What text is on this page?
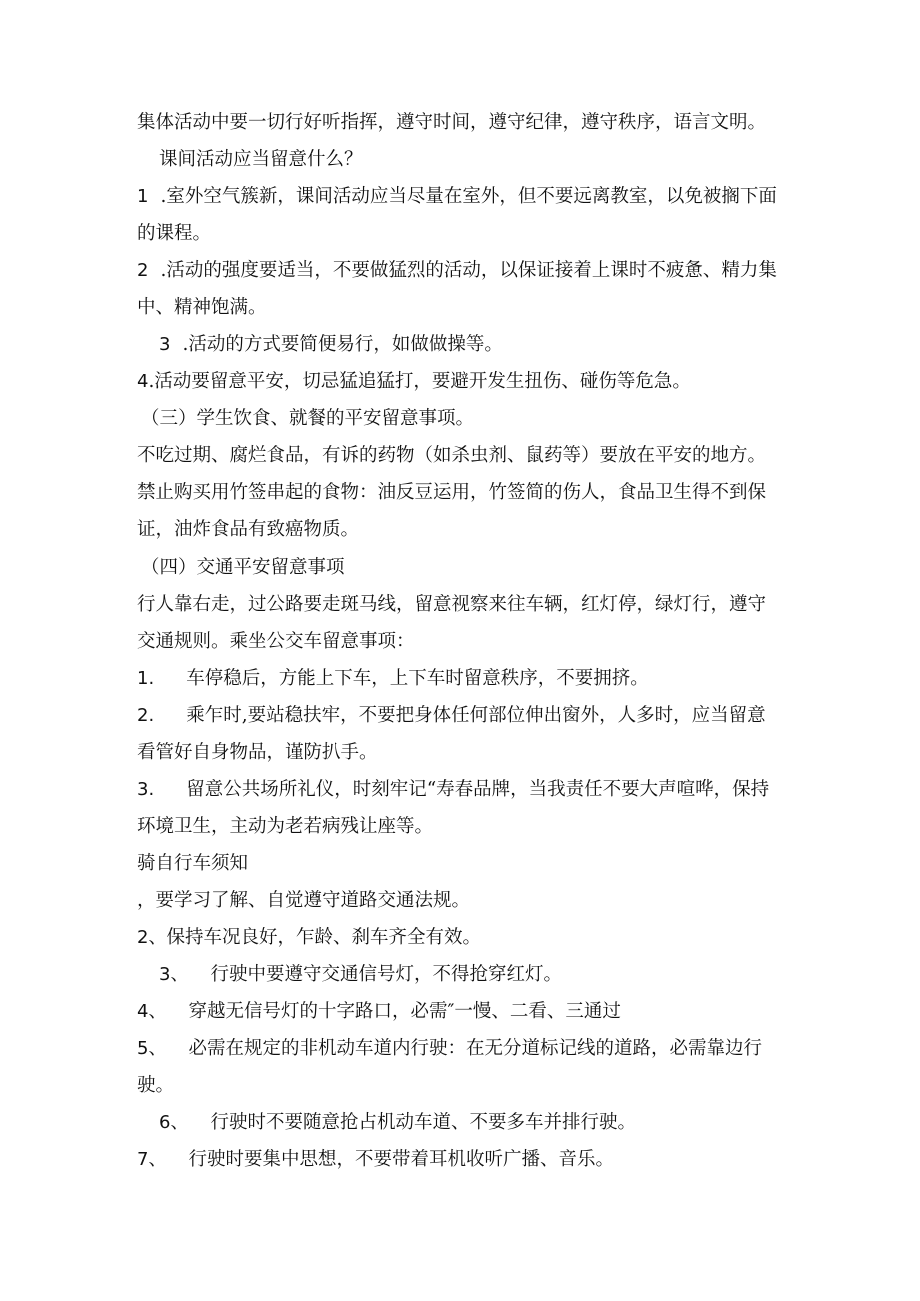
集体活动中要一切行好听指挥，遵守时间，遵守纪律，遵守秩序，语言文明。
课间活动应当留意什么？
1 .室外空气簇新，课间活动应当尽量在室外，但不要远离教室，以免被搁下面
的课程。
2 .活动的强度要适当，不要做猛烈的活动，以保证接着上课时不疲惫、精力集
中、精神饱满。
3 .活动的方式要简便易行，如做做操等。
4.活动要留意平安，切忌猛追猛打，要避开发生扭伤、碰伤等危急。
（三）学生饮食、就餐的平安留意事项。
不吃过期、腐烂食品，有诉的药物（如杀虫剂、鼠药等）要放在平安的地方。
禁止购买用竹签串起的食物：油反豆运用，竹签简的伤人，食品卫生得不到保
证，油炸食品有致癌物质。
（四）交通平安留意事项
行人靠右走，过公路要走斑马线，留意视察来往车辆，红灯停，绿灯行，遵守
交通规则。乘坐公交车留意事项：
1. 车停稳后，方能上下车，上下车时留意秩序，不要拥挤。
2. 乘乍时,要站稳扶牢，不要把身体任何部位伸出窗外，人多时，应当留意
看管好自身物品，谨防扒手。
3. 留意公共场所礼仪，时刻牢记“寿春品牌，当我责任不要大声喧哗，保持
环境卫生，主动为老若病残让座等。
骑自行车须知
，要学习了解、自觉遵守道路交通法规。
2、保持车况良好，乍龄、刹车齐全有效。
3、 行驶中要遵守交通信号灯，不得抢穿红灯。
4、 穿越无信号灯的十字路口，必需″一慢、二看、三通过
5、 必需在规定的非机动车道内行驶：在无分道标记线的道路，必需靠边行
驶。
6、 行驶时不要随意抢占机动车道、不要多车并排行驶。
7、 行驶时要集中思想，不要带着耳机收听广播、音乐。
